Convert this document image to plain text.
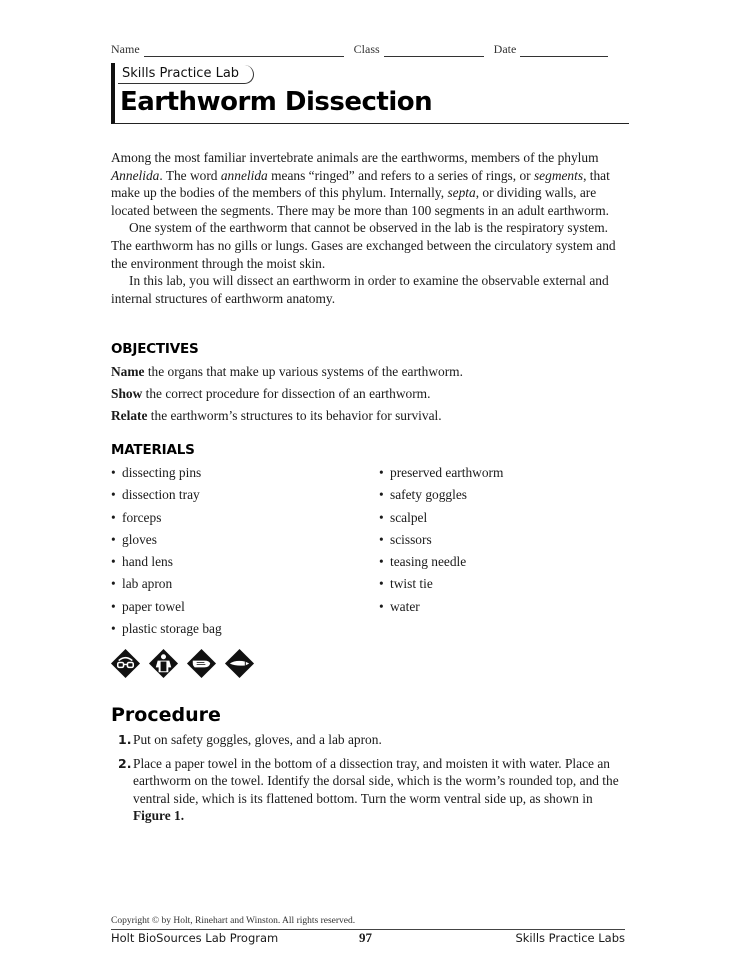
Name	Class	Date
Skills Practice Lab
Earthworm Dissection

Among the most familiar invertebrate animals are the earthworms, members of the phylum Annelida. The word annelida means “ringed” and refers to a series of rings, or segments, that make up the bodies of the members of this phylum. Internally, septa, or dividing walls, are located between the segments. There may be more than 100 segments in an adult earthworm.

One system of the earthworm that cannot be observed in the lab is the respiratory system. The earthworm has no gills or lungs. Gases are exchanged between the circulatory system and the environment through the moist skin.

In this lab, you will dissect an earthworm in order to examine the observable external and internal structures of earthworm anatomy.

OBJECTIVES
Name the organs that make up various systems of the earthworm.
Show the correct procedure for dissection of an earthworm.
Relate the earthworm’s structures to its behavior for survival.
MATERIALS
• dissecting pins
• dissection tray
• forceps
• gloves
• hand lens
• lab apron
• paper towel
• plastic storage bag
• preserved earthworm
• safety goggles
• scalpel
• scissors
• teasing needle
• twist tie
• water
Procedure
1. Put on safety goggles, gloves, and a lab apron.
2. Place a paper towel in the bottom of a dissection tray, and moisten it with water. Place an earthworm on the towel. Identify the dorsal side, which is the worm’s rounded top, and the ventral side, which is its flattened bottom. Turn the worm ventral side up, as shown in Figure 1.
Copyright © by Holt, Rinehart and Winston. All rights reserved.
Holt BioSources Lab Program	97	Skills Practice Labs
